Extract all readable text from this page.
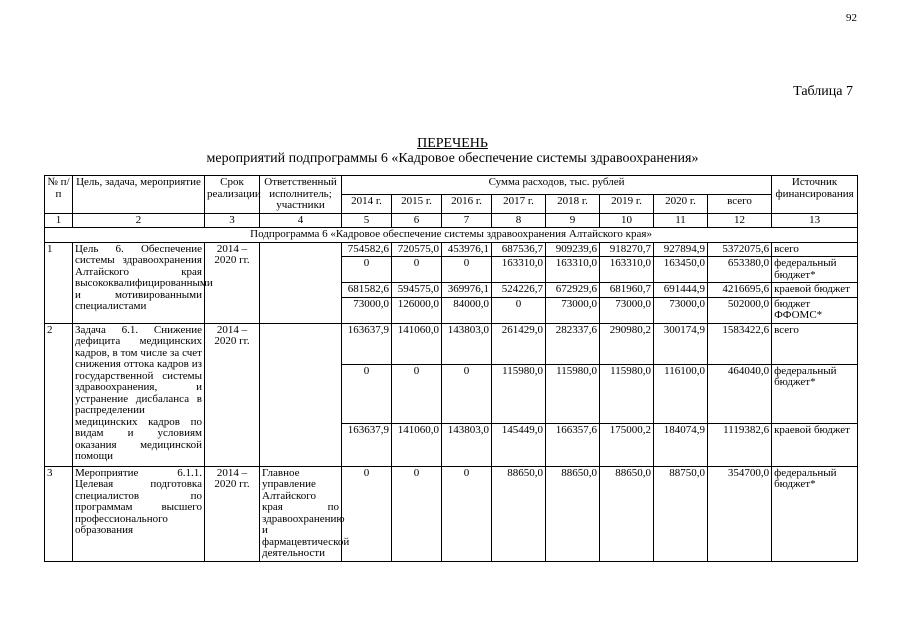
92
Таблица 7
ПЕРЕЧЕНЬ
мероприятий подпрограммы 6 «Кадровое обеспечение системы здравоохранения»
№ п/п	Цель, задача, мероприятие	Срок реализации	Ответственный исполнитель; участники	Сумма расходов, тыс. рублей								Источник финансирования
				2014 г.	2015 г.	2016 г.	2017 г.	2018 г.	2019 г.	2020 г.	всего	
1	2	3	4	5	6	7	8	9	10	11	12	13
Подпрограмма 6 «Кадровое обеспечение системы здравоохранения Алтайского края»												
1	Цель 6. Обеспечение системы здравоохранения Алтайского края высококвалифицированными и мотивированными специалистами	2014 – 2020 гг.		754582,6	720575,0	453976,1	687536,7	909239,6	918270,7	927894,9	5372075,6	всего
				0	0	0	163310,0	163310,0	163310,0	163450,0	653380,0	федеральный бюджет*
				681582,6	594575,0	369976,1	524226,7	672929,6	681960,7	691444,9	4216695,6	краевой бюджет
				73000,0	126000,0	84000,0	0	73000,0	73000,0	73000,0	502000,0	бюджет ФФОМС*
2	Задача 6.1. Снижение дефицита медицинских кадров, в том числе за счет снижения оттока кадров из государственной системы здравоохранения, и устранение дисбаланса в распределении медицинских кадров по видам и условиям оказания медицинской помощи	2014 – 2020 гг.		163637,9	141060,0	143803,0	261429,0	282337,6	290980,2	300174,9	1583422,6	всего
				0	0	0	115980,0	115980,0	115980,0	116100,0	464040,0	федеральный бюджет*
				163637,9	141060,0	143803,0	145449,0	166357,6	175000,2	184074,9	1119382,6	краевой бюджет
3	Мероприятие 6.1.1. Целевая подготовка специалистов по программам высшего профессионального образования	2014 – 2020 гг.	Главное управление Алтайского края по здравоохранению и фармацевтической деятельности	0	0	0	88650,0	88650,0	88650,0	88750,0	354700,0	федеральный бюджет*
